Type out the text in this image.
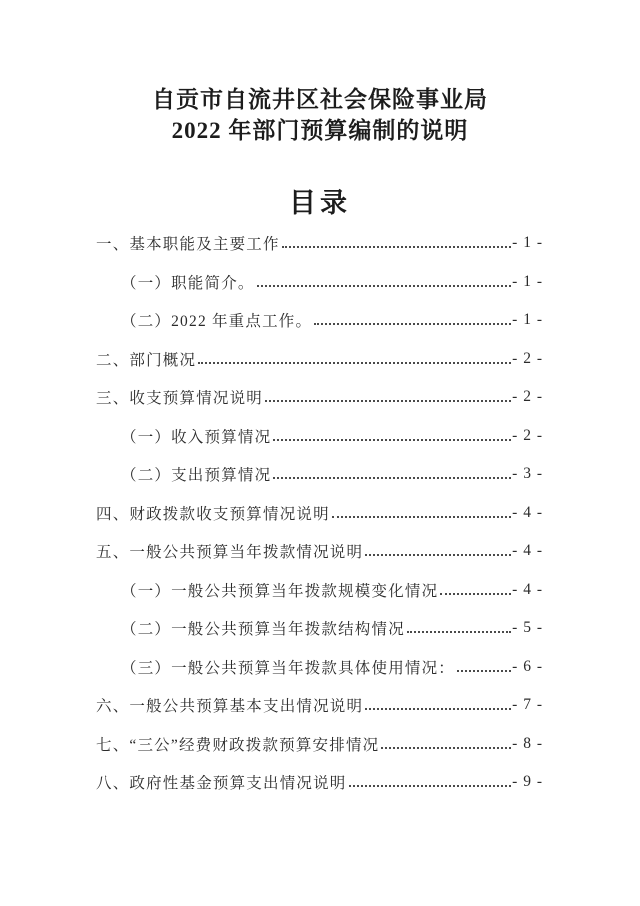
自贡市自流井区社会保险事业局
2022 年部门预算编制的说明
目录
一、基本职能及主要工作	- 1 -
（一）职能简介。	- 1 -
（二）2022 年重点工作。	- 1 -
二、部门概况	- 2 -
三、收支预算情况说明	- 2 -
（一）收入预算情况	- 2 -
（二）支出预算情况	- 3 -
四、财政拨款收支预算情况说明	- 4 -
五、一般公共预算当年拨款情况说明	- 4 -
（一）一般公共预算当年拨款规模变化情况	- 4 -
（二）一般公共预算当年拨款结构情况	- 5 -
（三）一般公共预算当年拨款具体使用情况：	- 6 -
六、一般公共预算基本支出情况说明	- 7 -
七、“三公”经费财政拨款预算安排情况	- 8 -
八、政府性基金预算支出情况说明	- 9 -
